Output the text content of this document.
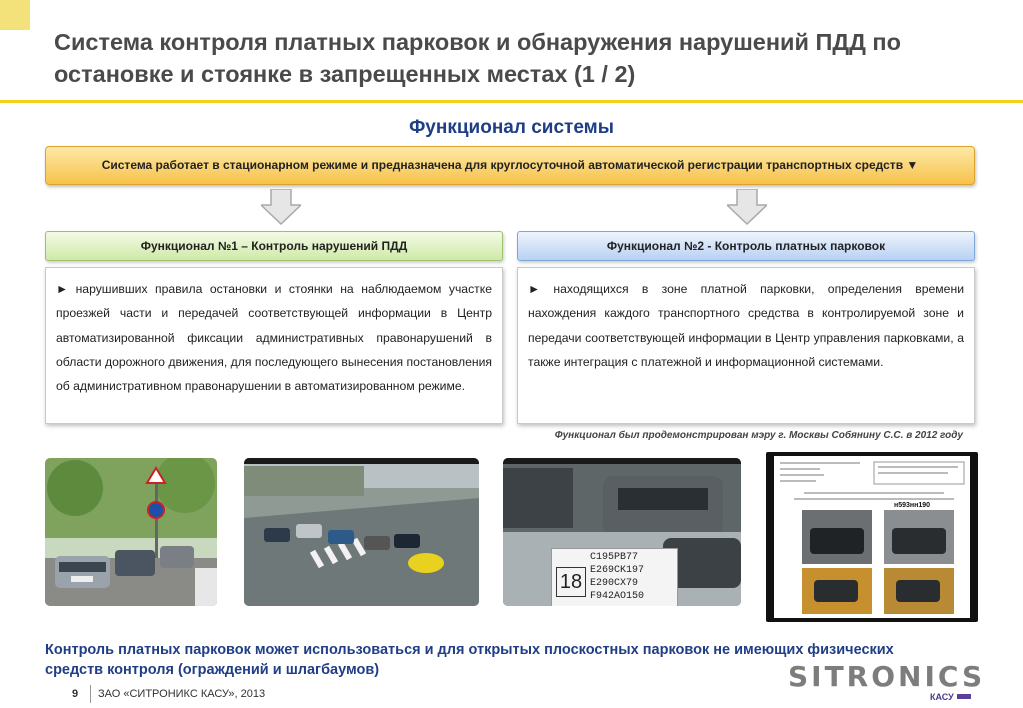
Система контроля платных парковок и обнаружения нарушений ПДД по остановке и стоянке в запрещенных местах (1 / 2)
Функционал системы
Система работает в стационарном режиме и предназначена для круглосуточной автоматической регистрации транспортных средств ▼
Функционал №1 – Контроль нарушений ПДД	Функционал №2 - Контроль платных парковок
► нарушивших правила остановки и стоянки на наблюдаемом участке проезжей части и передачей соответствующей информации в Центр автоматизированной фиксации административных правонарушений в области дорожного движения, для последующего вынесения постановления об административном правонарушении в автоматизированном режиме.
► находящихся в зоне платной парковки, определения времени нахождения каждого транспортного средства в контролируемой зоне и передачи соответствующей информации в Центр управления парковками, а также интеграция с платежной и информационной системами.
Функционал был продемонстрирован мэру г. Москвы Собянину С.С. в 2012 году
18
C195PB77
E269CK197
E290CX79
F942AO150
н593нн190
Контроль платных парковок может использоваться и для открытых плоскостных парковок не имеющих физических средств контроля (ограждений и шлагбаумов)
9 ЗАО «СИТРОНИКС КАСУ», 2013
SITRONICS
КАСУ
